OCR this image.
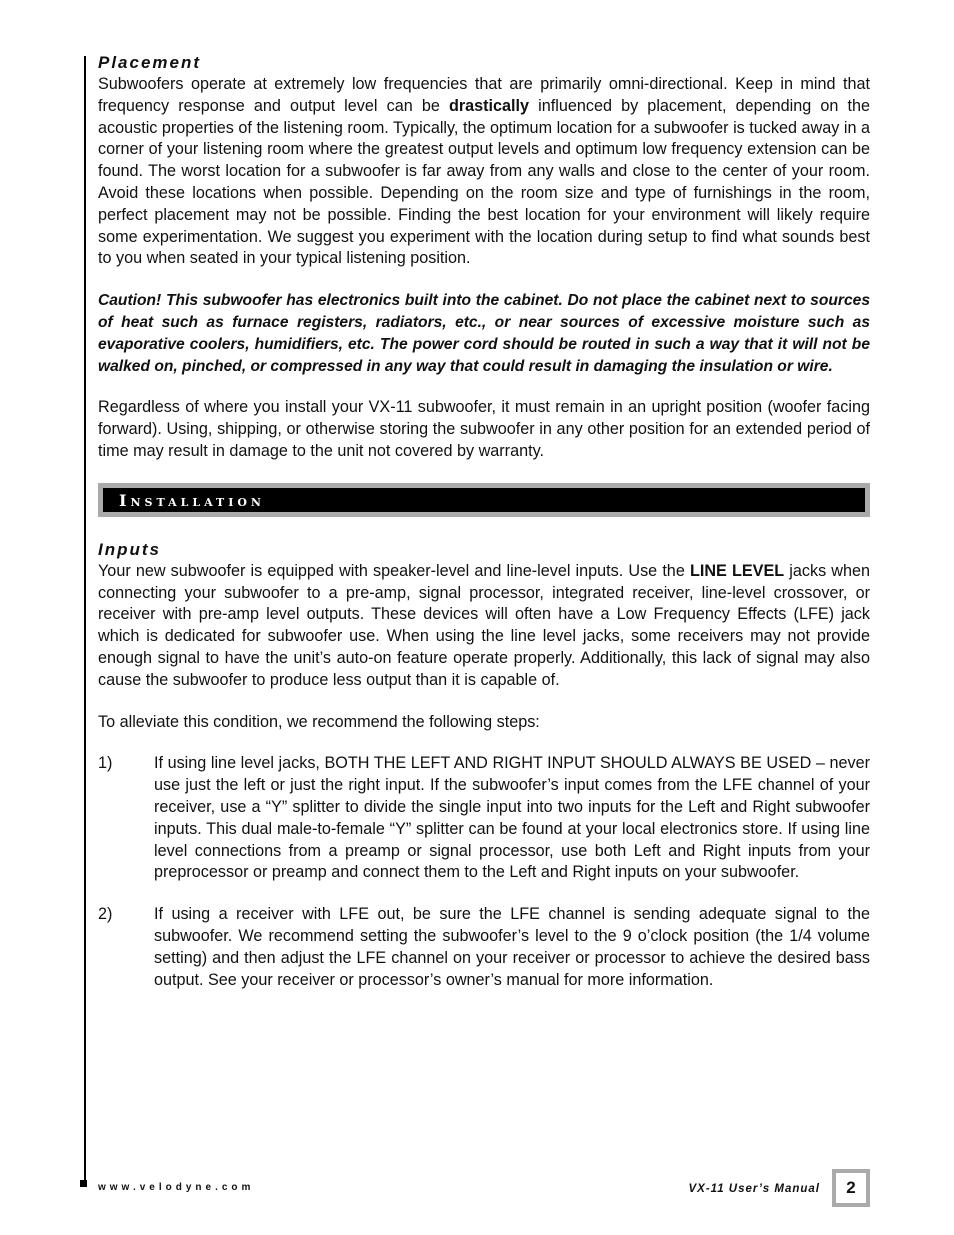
Placement

Subwoofers operate at extremely low frequencies that are primarily omni-directional. Keep in mind that frequency response and output level can be drastically influenced by placement, depending on the acoustic properties of the listening room. Typically, the optimum location for a subwoofer is tucked away in a corner of your listening room where the greatest output levels and optimum low frequency extension can be found. The worst location for a subwoofer is far away from any walls and close to the center of your room. Avoid these locations when possible. Depending on the room size and type of furnishings in the room, perfect placement may not be possible. Finding the best location for your environment will likely require some experimentation. We suggest you experiment with the location during setup to find what sounds best to you when seated in your typical listening position.

Caution! This subwoofer has electronics built into the cabinet. Do not place the cabinet next to sources of heat such as furnace registers, radiators, etc., or near sources of excessive moisture such as evaporative coolers, humidifiers, etc. The power cord should be routed in such a way that it will not be walked on, pinched, or compressed in any way that could result in damaging the insulation or wire.

Regardless of where you install your VX-11 subwoofer, it must remain in an upright position (woofer facing forward). Using, shipping, or otherwise storing the subwoofer in any other position for an extended period of time may result in damage to the unit not covered by warranty.

Installation
Inputs

Your new subwoofer is equipped with speaker-level and line-level inputs. Use the LINE LEVEL jacks when connecting your subwoofer to a pre-amp, signal processor, integrated receiver, line-level crossover, or receiver with pre-amp level outputs. These devices will often have a Low Frequency Effects (LFE) jack which is dedicated for subwoofer use. When using the line level jacks, some receivers may not provide enough signal to have the unit’s auto-on feature operate properly. Additionally, this lack of signal may also cause the subwoofer to produce less output than it is capable of.

To alleviate this condition, we recommend the following steps:

1)	If using line level jacks, BOTH THE LEFT AND RIGHT INPUT SHOULD ALWAYS BE USED – never use just the left or just the right input. If the subwoofer’s input comes from the LFE channel of your receiver, use a “Y” splitter to divide the single input into two inputs for the Left and Right subwoofer inputs. This dual male-to-female “Y” splitter can be found at your local electronics store. If using line level connections from a preamp or signal processor, use both Left and Right inputs from your preprocessor or preamp and connect them to the Left and Right inputs on your subwoofer.

2)	If using a receiver with LFE out, be sure the LFE channel is sending adequate signal to the subwoofer. We recommend setting the subwoofer’s level to the 9 o’clock position (the 1/4 volume setting) and then adjust the LFE channel on your receiver or processor to achieve the desired bass output. See your receiver or processor’s owner’s manual for more information.

www.velodyne.com	VX-11 User’s Manual	2
